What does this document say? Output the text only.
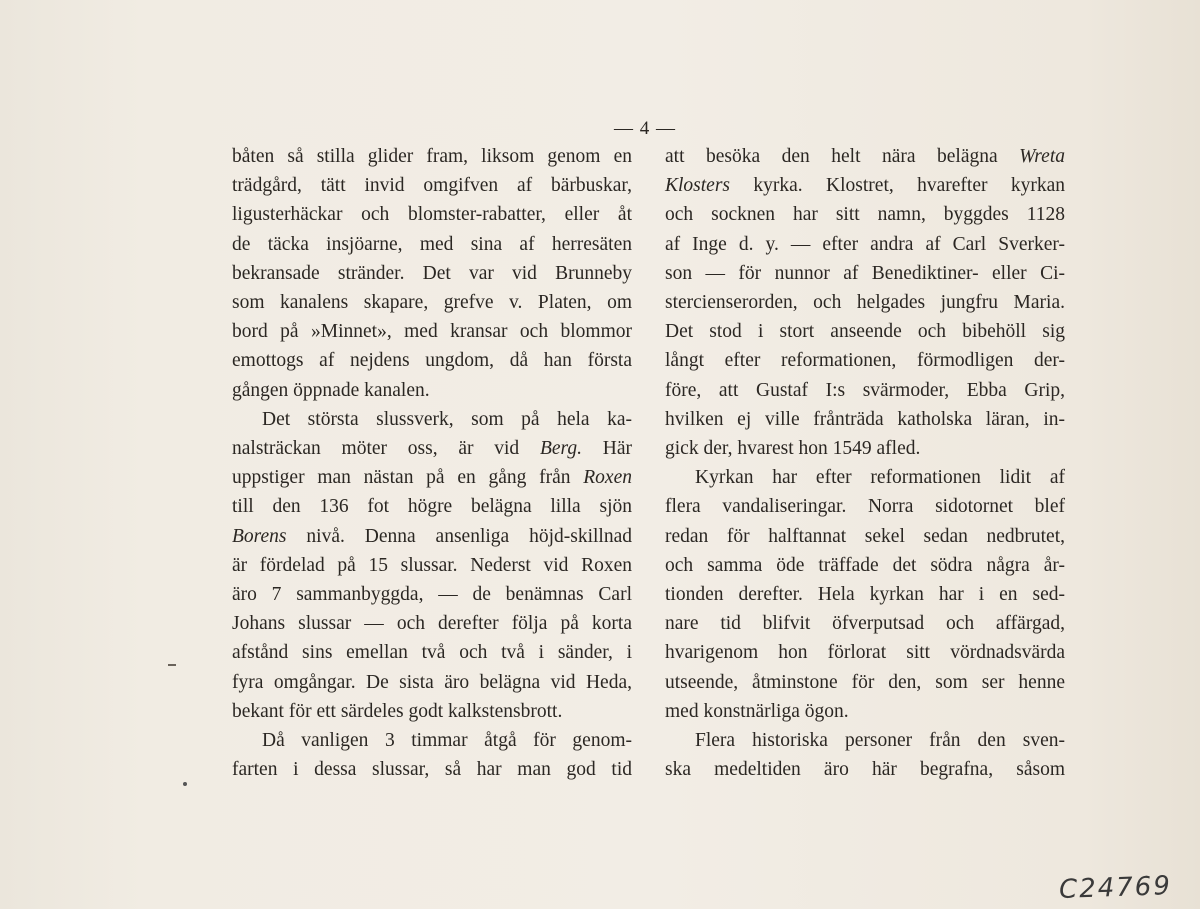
— 4 —
båten så stilla glider fram, liksom genom en
trädgård, tätt invid omgifven af bärbuskar,
ligusterhäckar och blomster-rabatter, eller åt
de täcka insjöarne, med sina af herresäten
bekransade stränder. Det var vid Brunneby
som kanalens skapare, grefve v. Platen, om
bord på »Minnet», med kransar och blommor
emottogs af nejdens ungdom, då han första
gången öppnade kanalen.
Det största slussverk, som på hela ka-
nalsträckan möter oss, är vid Berg. Här
uppstiger man nästan på en gång från Roxen
till den 136 fot högre belägna lilla sjön
Borens nivå. Denna ansenliga höjd-skillnad
är fördelad på 15 slussar. Nederst vid Roxen
äro 7 sammanbyggda, — de benämnas Carl
Johans slussar — och derefter följa på korta
afstånd sins emellan två och två i sänder, i
fyra omgångar. De sista äro belägna vid Heda,
bekant för ett särdeles godt kalkstensbrott.
Då vanligen 3 timmar åtgå för genom-
farten i dessa slussar, så har man god tid
att besöka den helt nära belägna Wreta
Klosters kyrka. Klostret, hvarefter kyrkan
och socknen har sitt namn, byggdes 1128
af Inge d. y. — efter andra af Carl Sverker-
son — för nunnor af Benediktiner- eller Ci-
stercienserorden, och helgades jungfru Maria.
Det stod i stort anseende och bibehöll sig
långt efter reformationen, förmodligen der-
före, att Gustaf I:s svärmoder, Ebba Grip,
hvilken ej ville frånträda katholska läran, in-
gick der, hvarest hon 1549 afled.
Kyrkan har efter reformationen lidit af
flera vandaliseringar. Norra sidotornet blef
redan för halftannat sekel sedan nedbrutet,
och samma öde träffade det södra några år-
tionden derefter. Hela kyrkan har i en sed-
nare tid blifvit öfverputsad och affärgad,
hvarigenom hon förlorat sitt vördnadsvärda
utseende, åtminstone för den, som ser henne
med konstnärliga ögon.
Flera historiska personer från den sven-
ska medeltiden äro här begrafna, såsom
C24769
